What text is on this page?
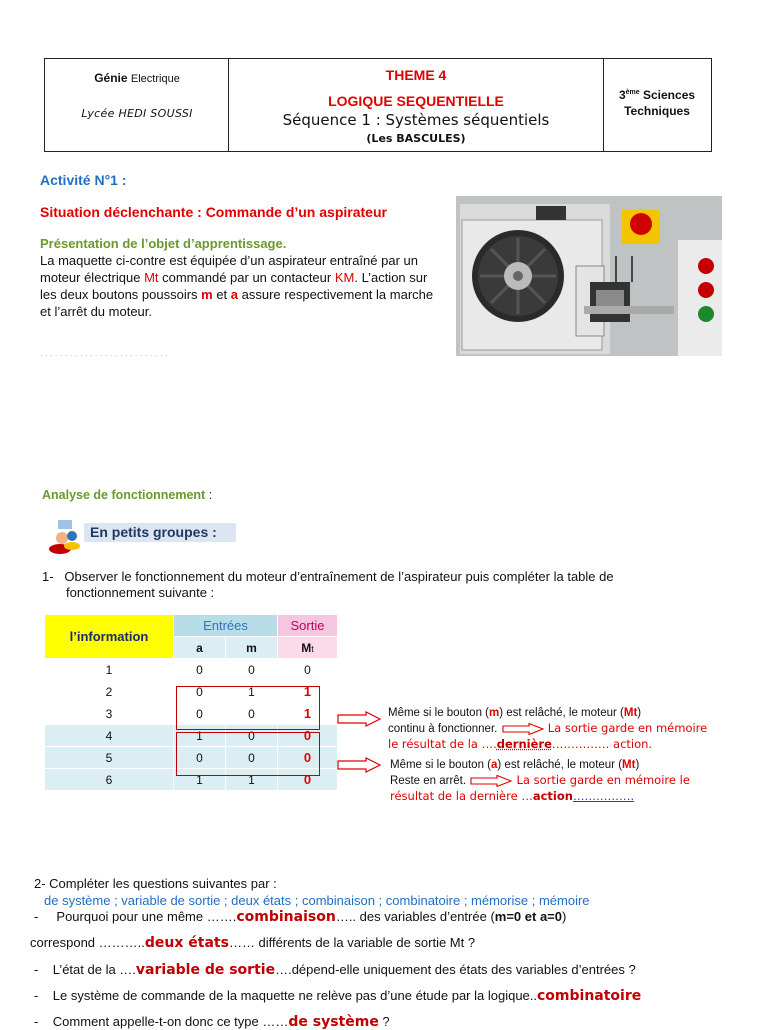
Génie Electrique
Lycée HEDI SOUSSI
THEME 4
LOGIQUE SEQUENTIELLE
Séquence 1 : Systèmes séquentiels
(Les BASCULES)
3ème Sciences
Techniques
Activité N°1 :
Situation déclenchante : Commande d’un aspirateur
Présentation de l’objet d’apprentissage.
La maquette ci-contre est équipée d’un aspirateur entraîné par un moteur électrique Mt commandé par un contacteur KM. L’action sur les deux boutons poussoirs m et a assure respectivement la marche et l’arrêt du moteur.
. . . . . . . . . . . . . . . . . . . . . . . . . .
Analyse de fonctionnement :
En petits groupes :
1- Observer le fonctionnement du moteur d’entraînement de l’aspirateur puis compléter la table de
fonctionnement suivante :
l’information	Entrées		Sortie
	a	m	Mt
1	0	0	0
2	0	1	1
3	0	0	1
4	1	0	0
5	0	0	0
6	1	1	0
Même si le bouton (m) est relâché, le moteur (Mt)
continu à fonctionner.	La sortie garde en mémoire
le résultat de la ….dernière…………… action.
Même si le bouton (a) est relâché, le moteur (Mt)
Reste en arrêt.	La sortie garde en mémoire le
résultat de la dernière …action…………….
2- Compléter les questions suivantes par :
de système ; variable de sortie ; deux états ; combinaison ; combinatoire ; mémorise ; mémoire
- Pourquoi pour une même …….combinaison….. des variables d’entrée (m=0 et a=0)
correspond ………..deux états…… différents de la variable de sortie Mt ?
- L’état de la ….variable de sortie….dépend-elle uniquement des états des variables d’entrées ?
- Le système de commande de la maquette ne relève pas d’une étude par la logique..combinatoire
- Comment appelle-t-on donc ce type ……de système ?
